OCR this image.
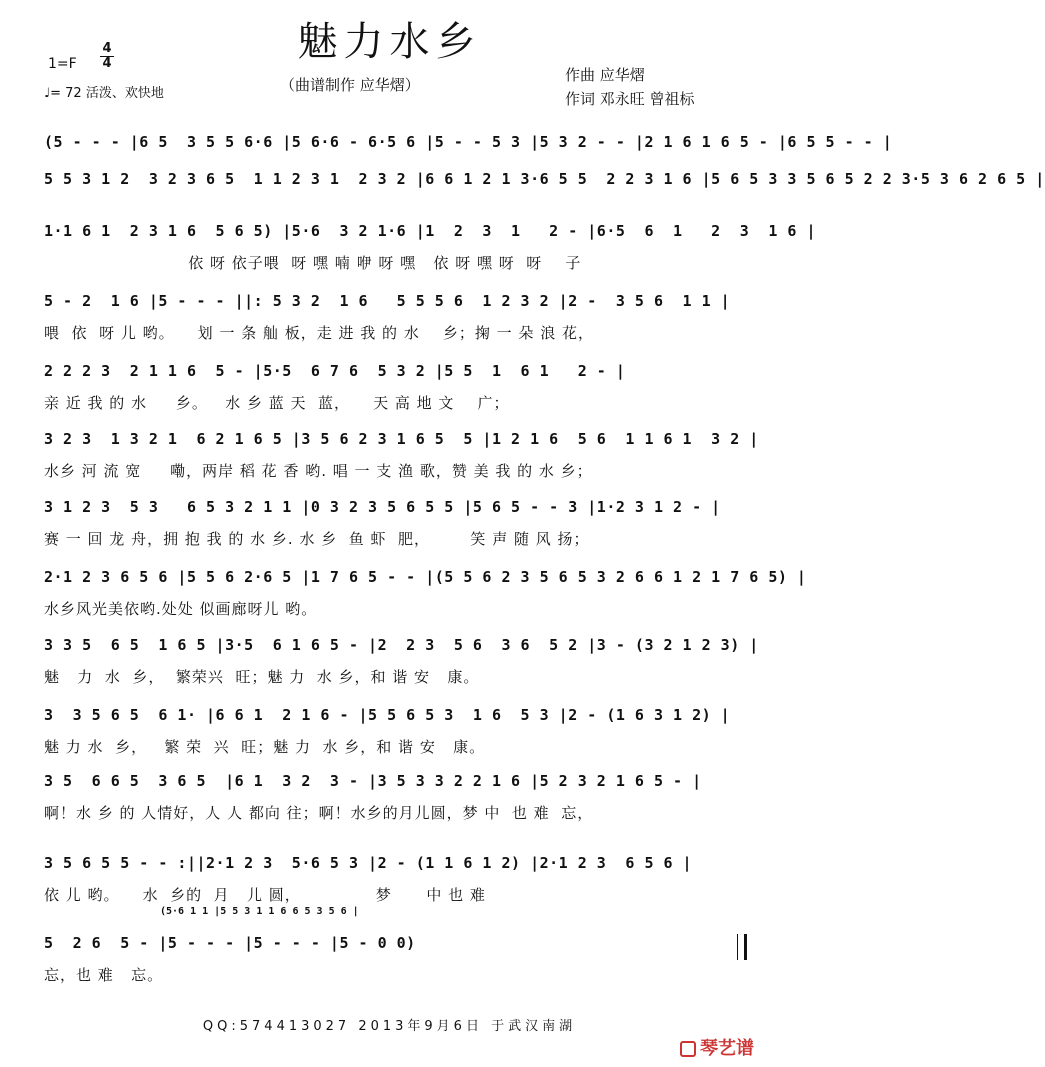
魅力水乡
1=F
4
4
♩= 72 活泼、欢快地	（曲谱制作 应华熠）
作曲 应华熠
作词 邓永旺 曾祖标
(5 - - - |6 5  3 5 5 6·6 |5 6·6 - 6·5 6 |5 - - 5 3 |5 3 2 - - |2 1 6 1 6 5 - |6 5 5 - - |
5 5 3 1 2  3 2 3 6 5  1 1 2 3 1  2 3 2 |6 6 1 2 1 3·6 5 5  2 2 3 1 6 |5 6 5 3 3 5 6 5 2 2 3·5 3 6 2 6 5 |
1·1 6 1  2 3 1 6  5 6 5) |5·6  3 2 1·6 |1  2  3  1   2 - |6·5  6  1   2  3  1 6 |
依 呀 依子喂  呀 嘿 喃 咿 呀 嘿   依 呀 嘿 呀  呀    子
5 - 2  1 6 |5 - - - ||: 5 3 2  1 6   5 5 5 6  1 2 3 2 |2 -  3 5 6  1 1 |
喂  依  呀 儿 哟。    划 一 条 舢 板，走 进 我 的 水    乡；掬 一 朵 浪 花，
2 2 2 3  2 1 1 6  5 - |5·5  6 7 6  5 3 2 |5 5  1  6 1   2 - |
亲 近 我 的 水     乡。   水 乡 蓝 天  蓝，    天 高 地 文    广；
3 2 3  1 3 2 1  6 2 1 6 5 |3 5 6 2 3 1 6 5  5 |1 2 1 6  5 6  1 1 6 1  3 2 |
水乡 河 流 宽     嘞，两岸 稻 花 香 哟. 唱 一 支 渔 歌，赞 美 我 的 水 乡；
3 1 2 3  5 3   6 5 3 2 1 1 |0 3 2 3 5 6 5 5 |5 6 5 - - 3 |1·2 3 1 2 - |
赛 一 回 龙 舟，拥 抱 我 的 水 乡. 水 乡  鱼 虾  肥，       笑 声 随 风 扬；
2·1 2 3 6 5 6 |5 5 6 2·6 5 |1 7 6 5 - - |(5 5 6 2 3 5 6 5 3 2 6 6 1 2 1 7 6 5) |
水乡风光美依哟.处处 似画廊呀儿 哟。
3 3 5  6 5  1 6 5 |3·5  6 1 6 5 - |2  2 3  5 6  3 6  5 2 |3 - (3 2 1 2 3) |
魅   力  水  乡，  繁荣兴  旺；魅 力  水 乡，和 谐 安   康。
3  3 5 6 5  6 1· |6 6 1  2 1 6 - |5 5 6 5 3  1 6  5 3 |2 - (1 6 3 1 2) |
魅 力 水  乡，   繁 荣  兴  旺；魅 力  水 乡，和 谐 安   康。
3 5  6 6 5  3 6 5  |6 1  3 2  3 - |3 5 3 3 2 2 1 6 |5 2 3 2 1 6 5 - |
啊！水 乡 的 人情好，人 人 都向 往；啊！水乡的月儿圆，梦 中  也 难  忘，
3 5 6 5 5 - - :||2·1 2 3  5·6 5 3 |2 - (1 1 6 1 2) |2·1 2 3  6 5 6 |
依 儿 哟。    水  乡的  月   儿 圆，             梦      中 也 难
(5·6 1 1 |5 5 3 1 1 6 6 5 3 5 6 |
5  2 6  5 - |5 - - - |5 - - - |5 - 0 0)
忘，也 难   忘。
QQ:574413027 2013年9月6日 于武汉南湖
琴艺谱
